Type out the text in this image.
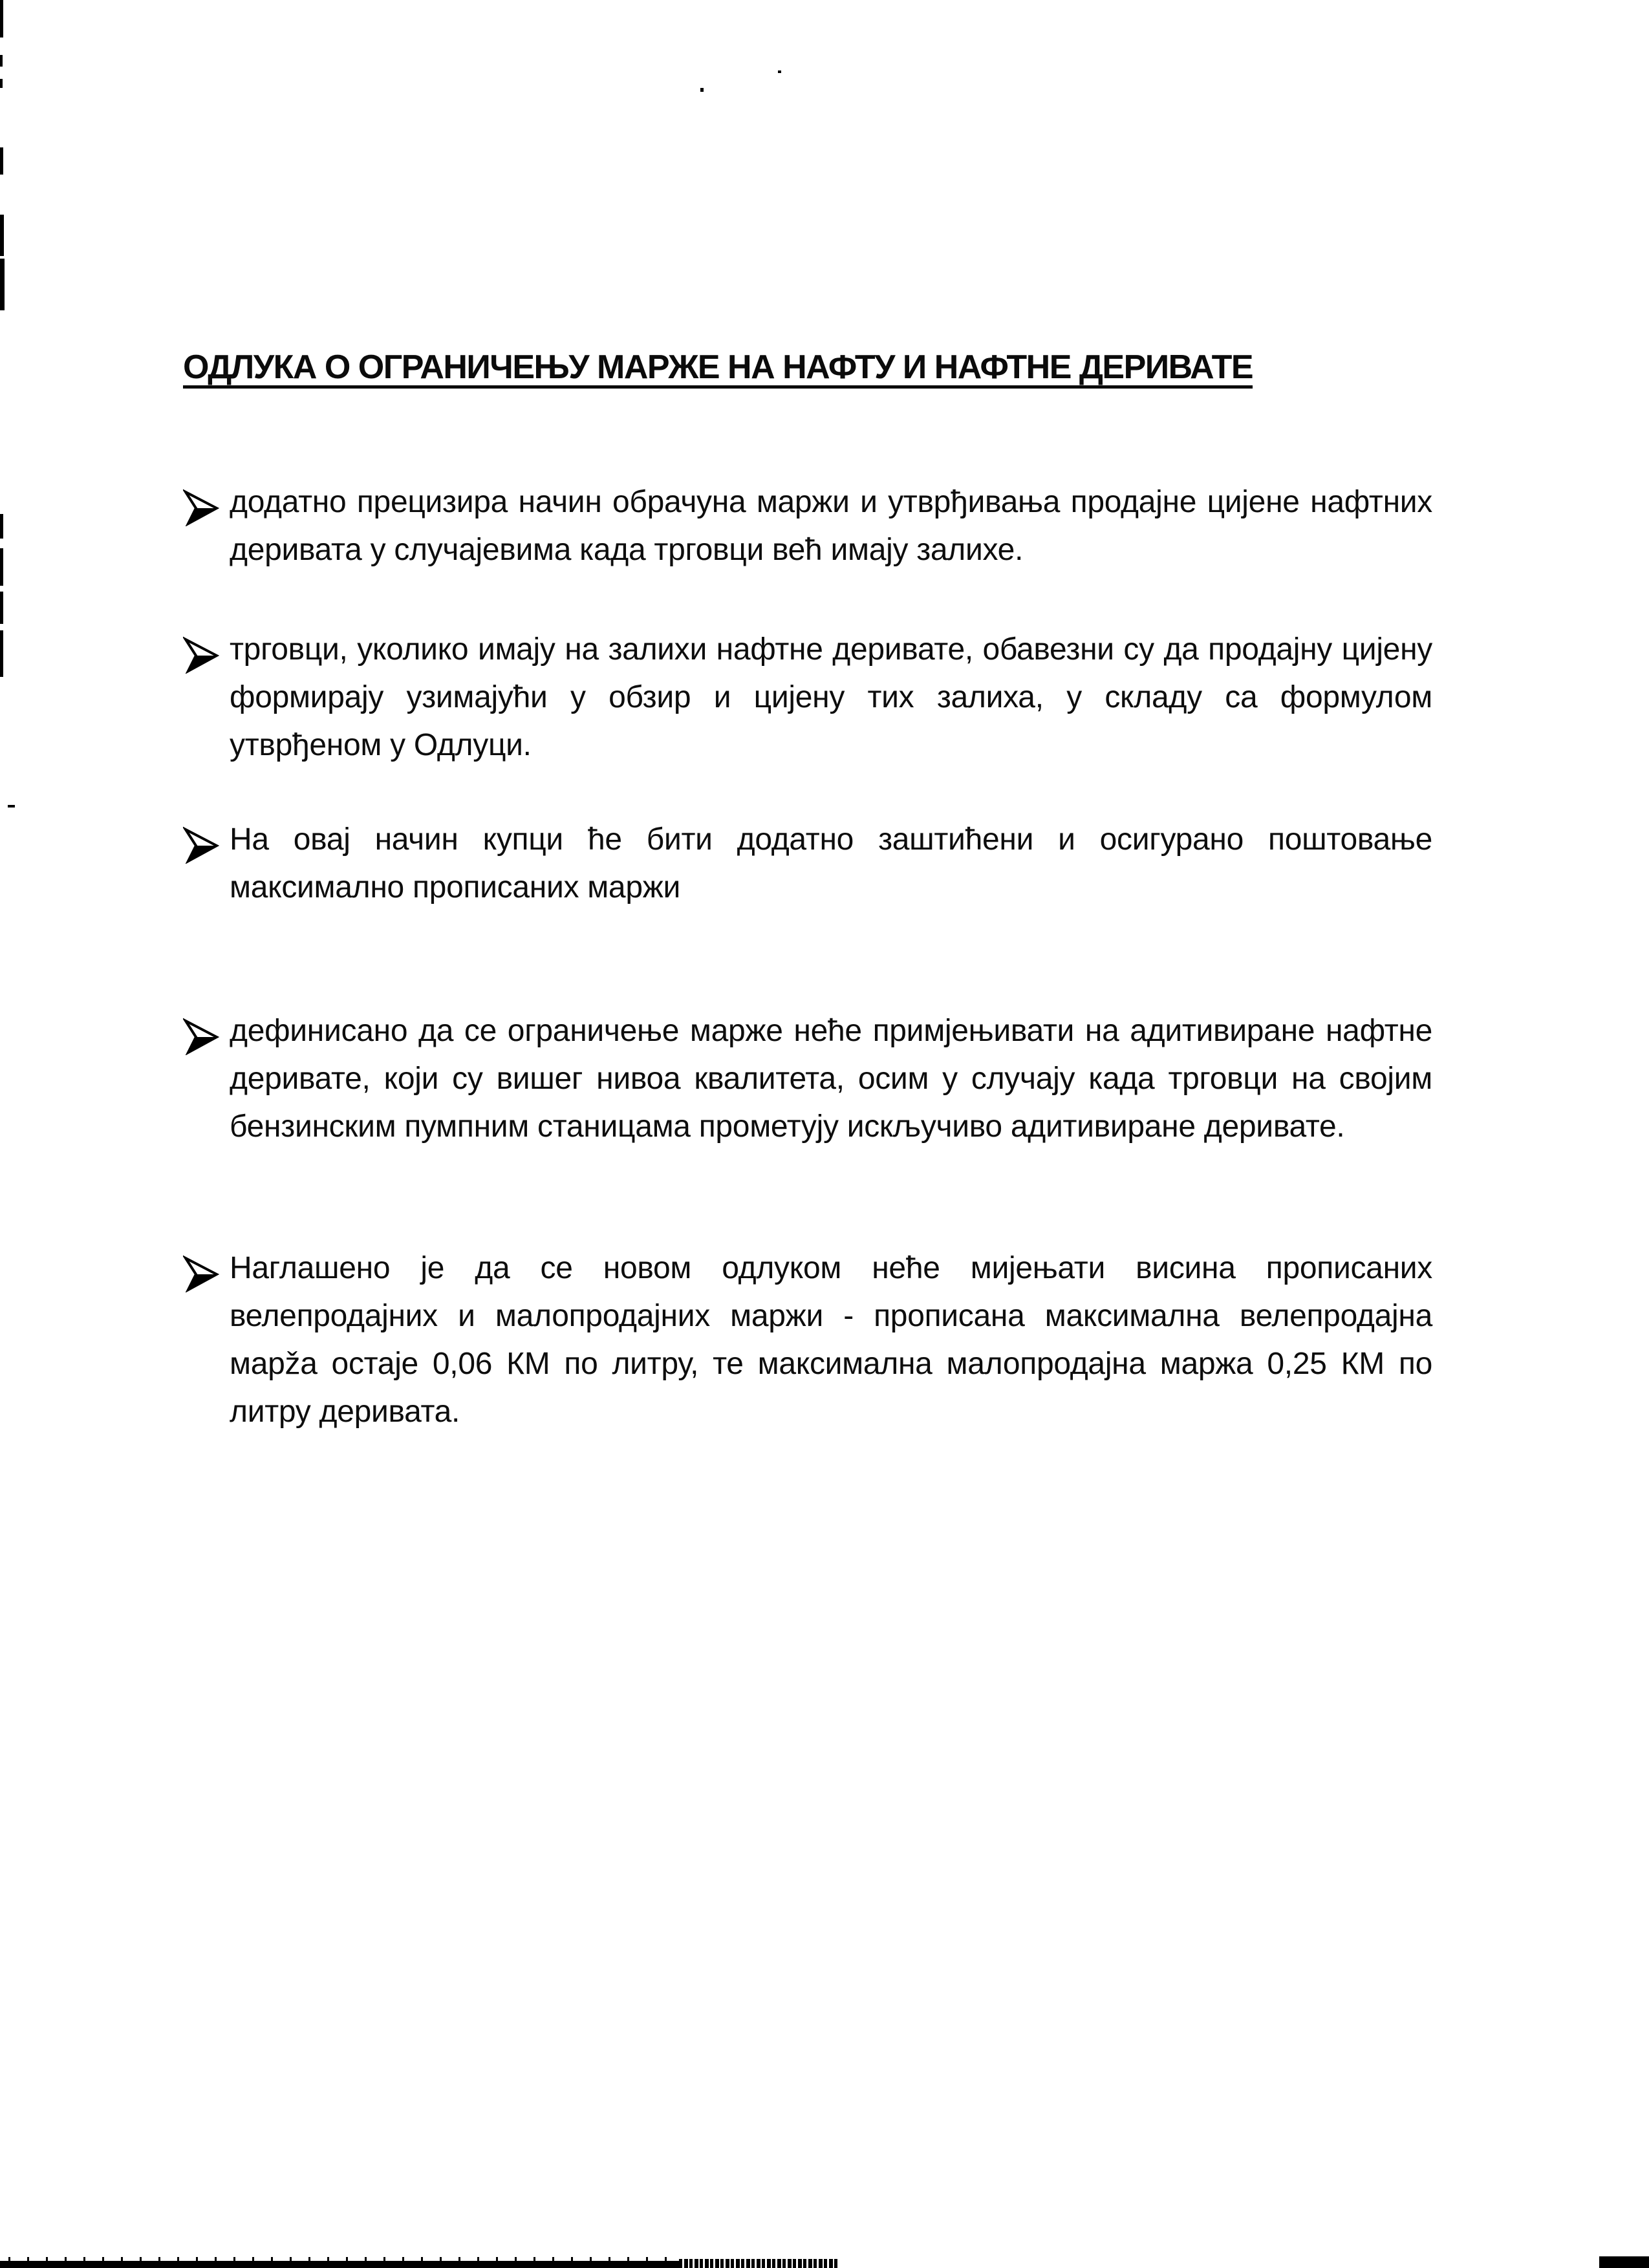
ОДЛУКА О ОГРАНИЧЕЊУ МАРЖЕ НА НАФТУ И НАФТНЕ ДЕРИВАТЕ
додатно прецизира начин обрачуна маржи и утврђивања продајне цијене нафтних деривата у случајевима када трговци већ имају залихе.
трговци, уколико имају на залихи нафтне деривате, обавезни су да продајну цијену формирају узимајући у обзир и цијену тих залиха, у складу са формулом утврђеном у Одлуци.
На овај начин купци ће бити додатно заштићени и осигурано поштовање максимално прописаних маржи
дефинисано да се ограничење марже неће примјењивати на адитивиране нафтне деривате, који су вишег нивоа квалитета, осим у случају када трговци на својим бензинским пумпним станицама прометују искључиво адитивиране деривате.
Наглашено је да се новом одлуком неће мијењати висина прописаних велепродајних и малопродајних маржи - прописана максимална велепродајна марža остаје 0,06 КМ по литру, те максимална малопродајна маржа 0,25 КМ по литру деривата.
